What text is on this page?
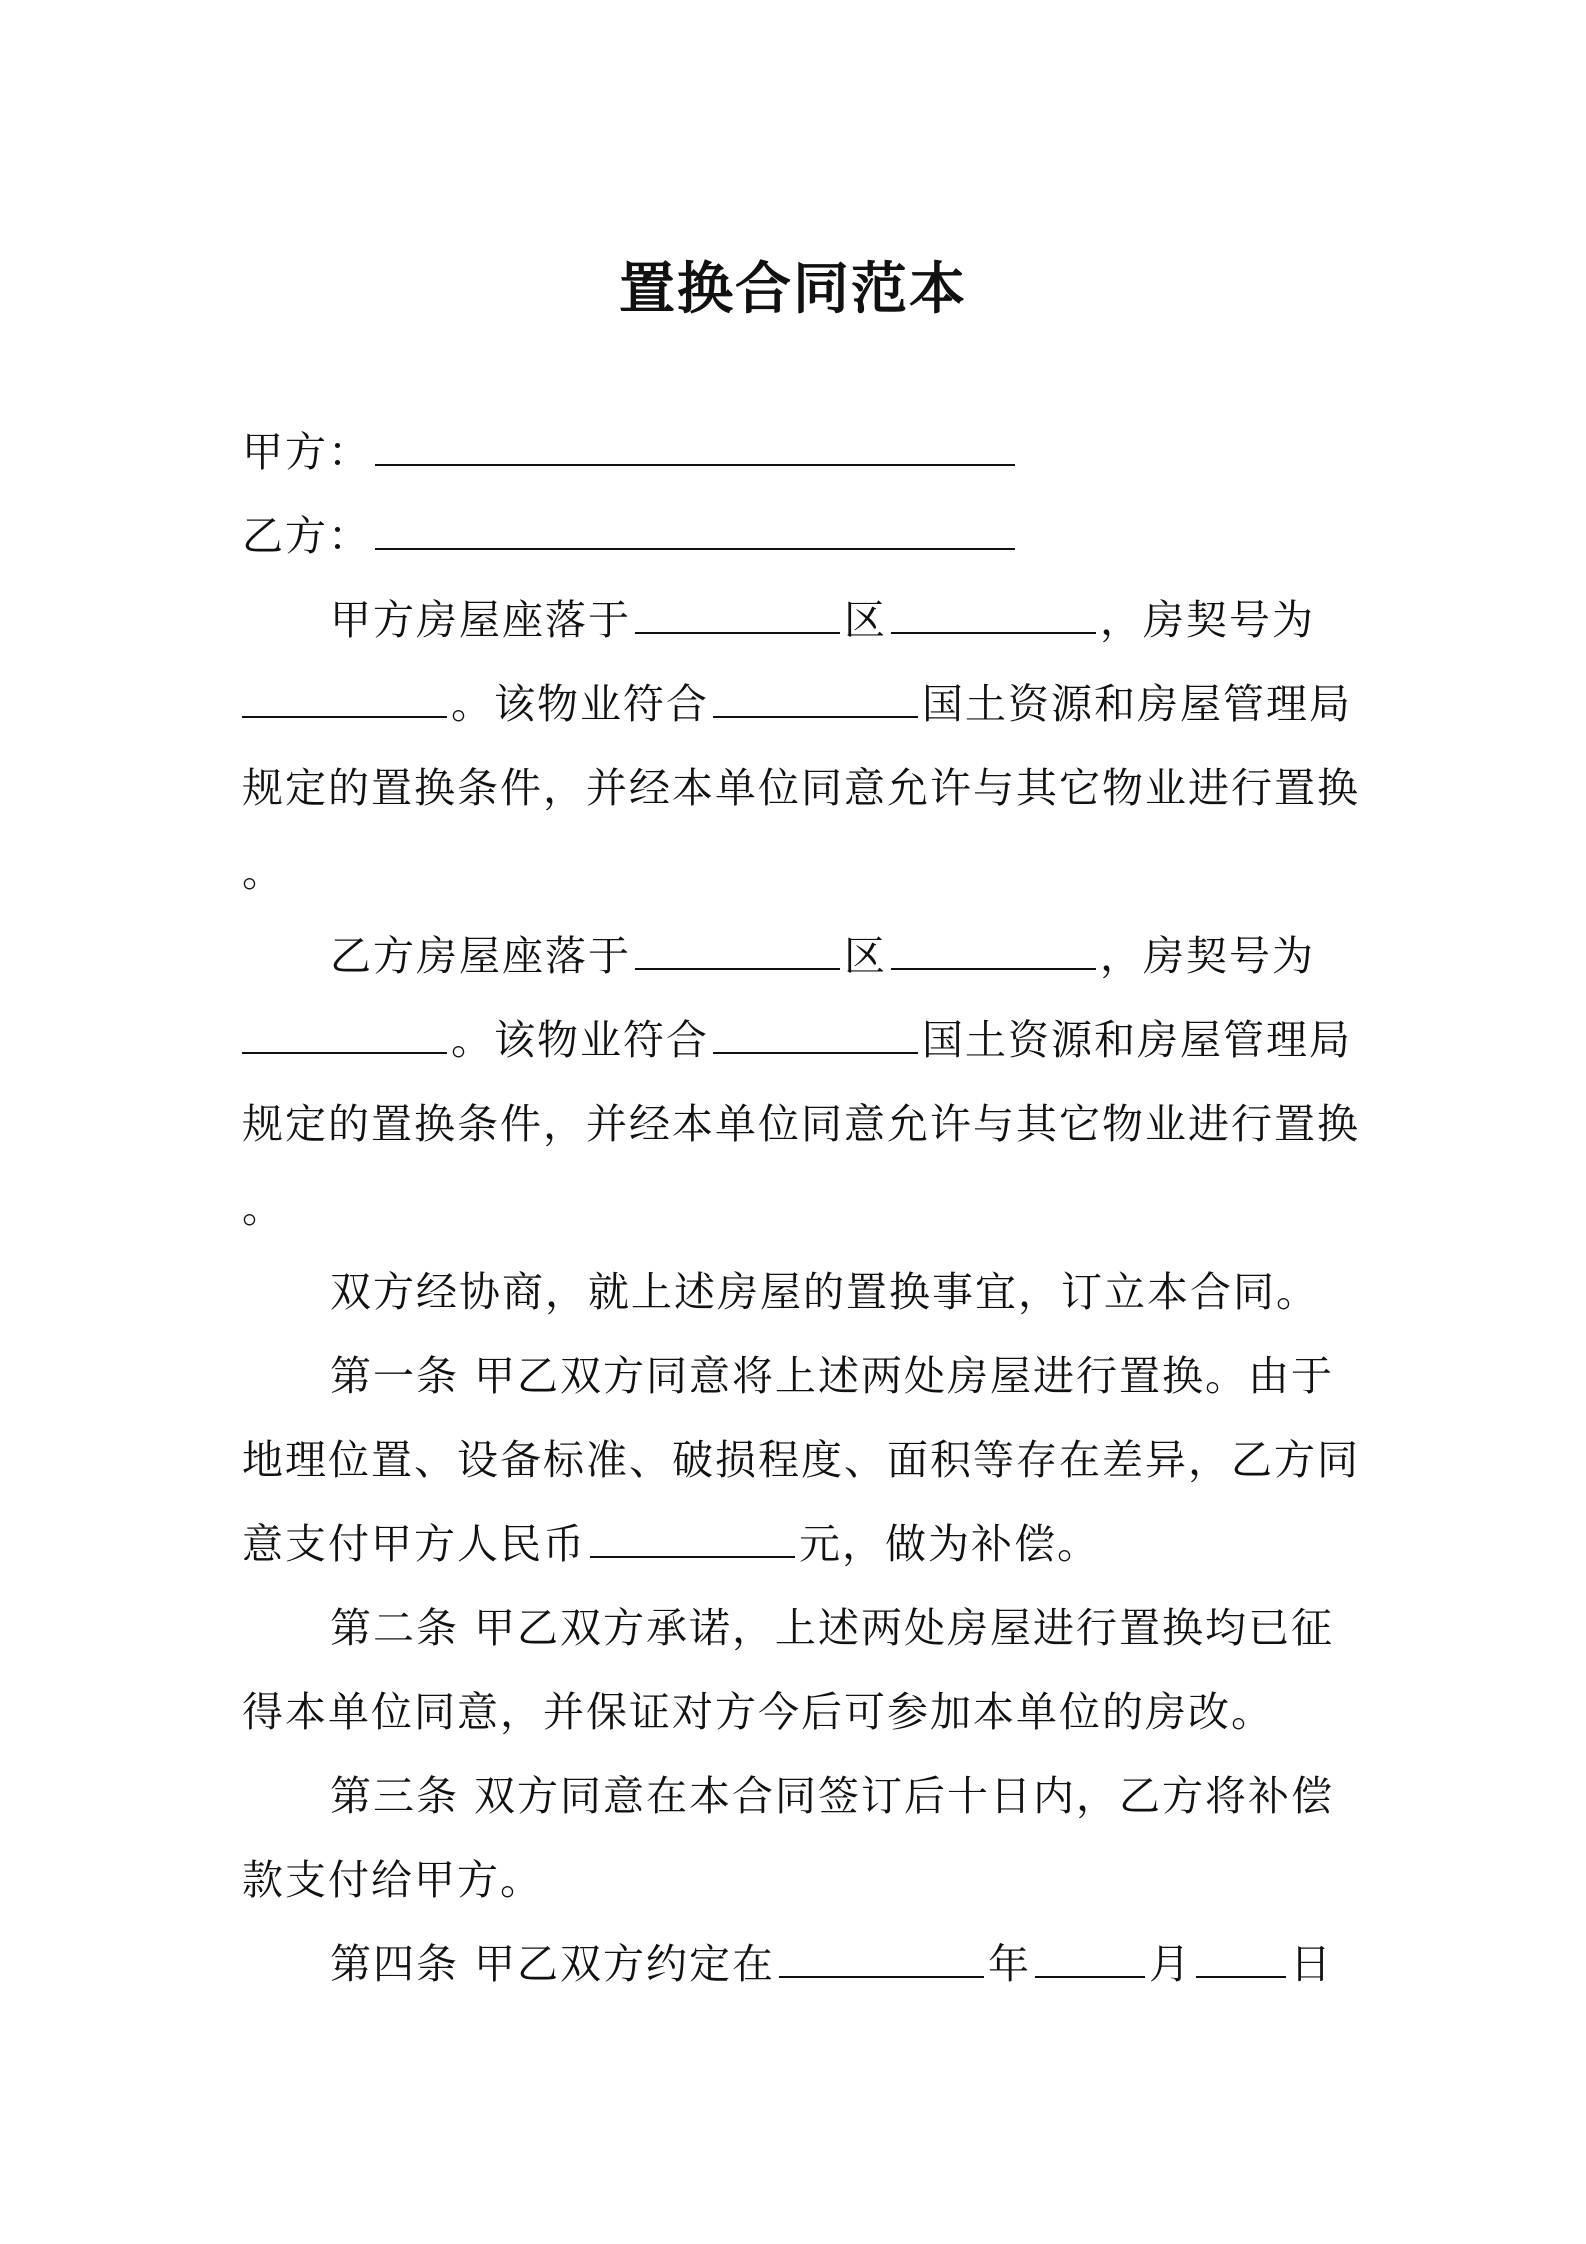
置换合同范本
甲方：
乙方：
甲方房屋座落于	区	，房契号为
。该物业符合	国土资源和房屋管理局
规定的置换条件，并经本单位同意允许与其它物业进行置换
。
乙方房屋座落于	区	，房契号为
。该物业符合	国土资源和房屋管理局
规定的置换条件，并经本单位同意允许与其它物业进行置换
。
双方经协商，就上述房屋的置换事宜，订立本合同。
第一条 甲乙双方同意将上述两处房屋进行置换。由于
地理位置、设备标准、破损程度、面积等存在差异，乙方同
意支付甲方人民币	元，做为补偿。
第二条 甲乙双方承诺，上述两处房屋进行置换均已征
得本单位同意，并保证对方今后可参加本单位的房改。
第三条 双方同意在本合同签订后十日内，乙方将补偿
款支付给甲方。
第四条 甲乙双方约定在	年	月 日
